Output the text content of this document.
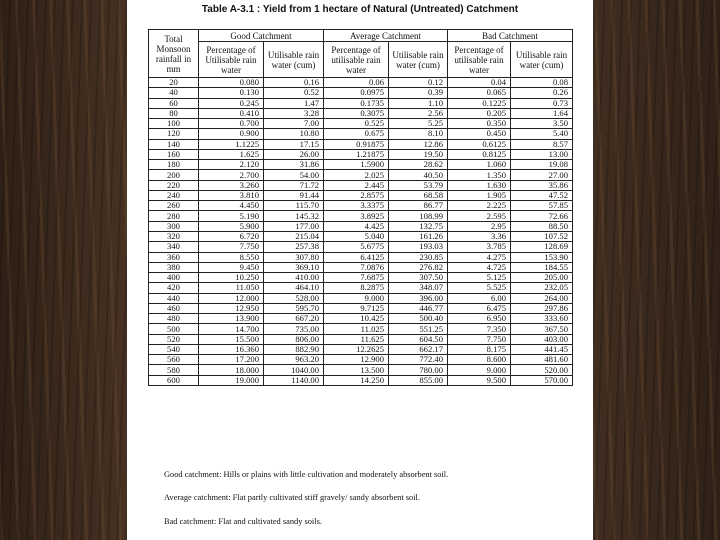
Table A-3.1 : Yield from 1 hectare of Natural (Untreated) Catchment
Total Monsoon rainfall in mm	Good Catchment		Average Catchment		Bad Catchment	
	Percentage of Utilisable rain water	Utilisable rain water (cum)	Percentage of utilisable rain water	Utilisable rain water (cum)	Percentage of utilisable rain water	Utilisable rain water (cum)
20	0.080	0.16	0.06	0.12	0.04	0.08
40	0.130	0.52	0.0975	0.39	0.065	0.26
60	0.245	1.47	0.1735	1.10	0.1225	0.73
80	0.410	3.28	0.3075	2.56	0.205	1.64
100	0.700	7.00	0.525	5.25	0.350	3.50
120	0.900	10.80	0.675	8.10	0.450	5.40
140	1.1225	17.15	0.91875	12.86	0.6125	8.57
160	1.625	26.00	1.21875	19.50	0.8125	13.00
180	2.120	31.86	1.5900	28.62	1.060	19.08
200	2.700	54.00	2.025	40.50	1.350	27.00
220	3.260	71.72	2.445	53.79	1.630	35.86
240	3.810	91.44	2.8575	68.58	1.905	47.52
260	4.450	115.70	3.3375	86.77	2.225	57.85
280	5.190	145.32	3.8925	108.99	2.595	72.66
300	5.900	177.00	4.425	132.75	2.95	88.50
320	6.720	215.04	5.040	161.26	3.36	107.52
340	7.750	257.38	5.6775	193.03	3.785	128.69
360	8.550	307.80	6.4125	230.85	4.275	153.90
380	9.450	369.10	7.0876	276.82	4.725	184.55
400	10.250	410.00	7.6875	307.50	5.125	205.00
420	11.050	464.10	8.2875	348.07	5.525	232.05
440	12.000	528.00	9.000	396.00	6.00	264.00
460	12.950	595.70	9.7125	446.77	6.475	297.86
480	13.900	667.20	10.425	500.40	6.950	333.60
500	14.700	735.00	11.025	551.25	7.350	367.50
520	15.500	806.00	11.625	604.50	7.750	403.00
540	16.360	882.90	12.2625	662.17	8.175	441.45
560	17.200	963.20	12.900	772.40	8.600	481.60
580	18.000	1040.00	13.500	780.00	9.000	520.00
600	19.000	1140.00	14.250	855.00	9.500	570.00

Good catchment: Hills or plains with little cultivation and moderately absorbent soil.

Average catchment: Flat partly cultivated stiff gravely/ sandy absorbent soil.

Bad catchment: Flat and cultivated sandy soils.
